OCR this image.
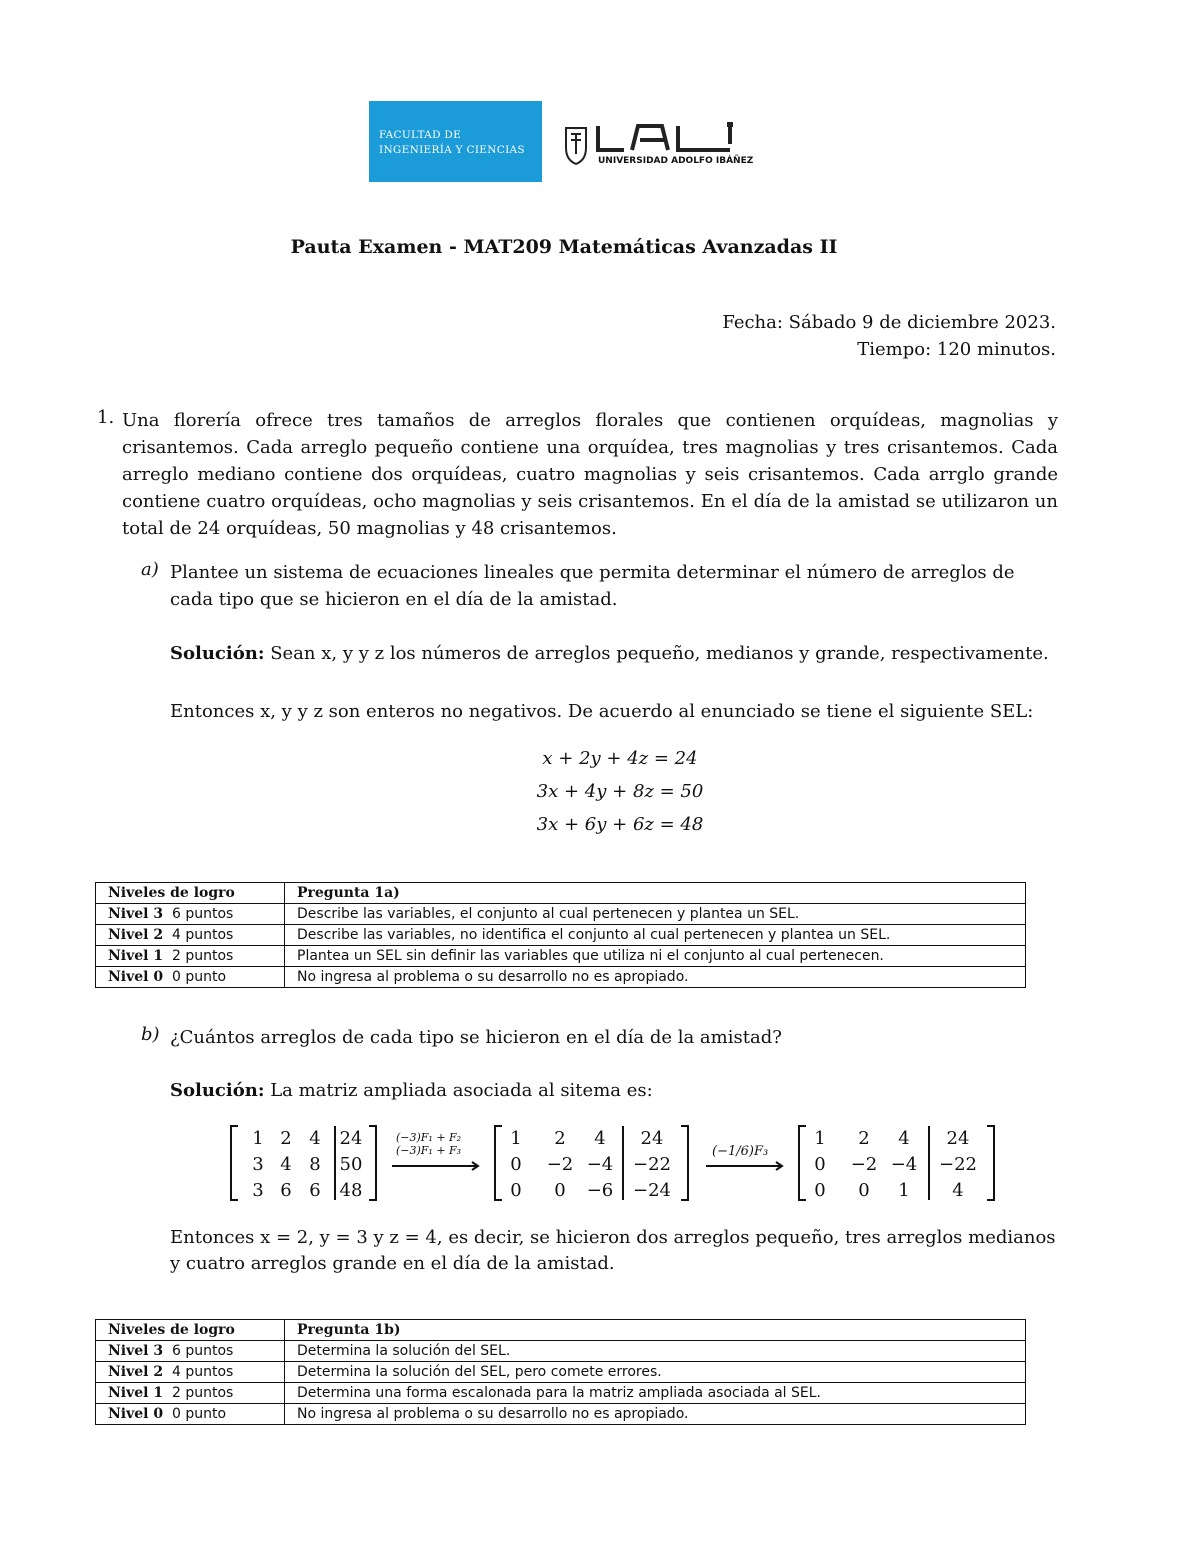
FACULTAD DE
INGENIERÍA Y CIENCIAS
UNIVERSIDAD ADOLFO IBÁÑEZ
Pauta Examen - MAT209 Matemáticas Avanzadas II
Fecha: Sábado 9 de diciembre 2023.
Tiempo: 120 minutos.
1. Una florería ofrece tres tamaños de arreglos florales que contienen orquídeas, magnolias y crisantemos. Cada arreglo pequeño contiene una orquídea, tres magnolias y tres crisantemos. Cada arreglo mediano contiene dos orquídeas, cuatro magnolias y seis crisantemos. Cada arrglo grande contiene cuatro orquídeas, ocho magnolias y seis crisantemos. En el día de la amistad se utilizaron un total de 24 orquídeas, 50 magnolias y 48 crisantemos.
a) Plantee un sistema de ecuaciones lineales que permita determinar el número de arreglos de cada tipo que se hicieron en el día de la amistad.
Solución: Sean x, y y z los números de arreglos pequeño, medianos y grande, respectivamente.
Entonces x, y y z son enteros no negativos. De acuerdo al enunciado se tiene el siguiente SEL:
x + 2y + 4z = 24
3x + 4y + 8z = 50
3x + 6y + 6z = 48
Niveles de logro	Pregunta 1a)
Nivel 3 6 puntos	Describe las variables, el conjunto al cual pertenecen y plantea un SEL.
Nivel 2 4 puntos	Describe las variables, no identifica el conjunto al cual pertenecen y plantea un SEL.
Nivel 1 2 puntos	Plantea un SEL sin definir las variables que utiliza ni el conjunto al cual pertenecen.
Nivel 0 0 punto	No ingresa al problema o su desarrollo no es apropiado.
b) ¿Cuántos arreglos de cada tipo se hicieron en el día de la amistad?
Solución: La matriz ampliada asociada al sitema es:
1 2 4	24
3 4 8	50
3 6 6	48
1	2	4	24
0	−2 −4	−22
0	0	−6	−24
1	2	4	24
0	−2 −4	−22
0	0	1	4
(−3)F₁ + F₂
(−3)F₁ + F₃	(−1/6)F₃
Entonces x = 2, y = 3 y z = 4, es decir, se hicieron dos arreglos pequeño, tres arreglos medianos
y cuatro arreglos grande en el día de la amistad.
Niveles de logro	Pregunta 1b)
Nivel 3 6 puntos	Determina la solución del SEL.
Nivel 2 4 puntos	Determina la solución del SEL, pero comete errores.
Nivel 1 2 puntos	Determina una forma escalonada para la matriz ampliada asociada al SEL.
Nivel 0 0 punto	No ingresa al problema o su desarrollo no es apropiado.
